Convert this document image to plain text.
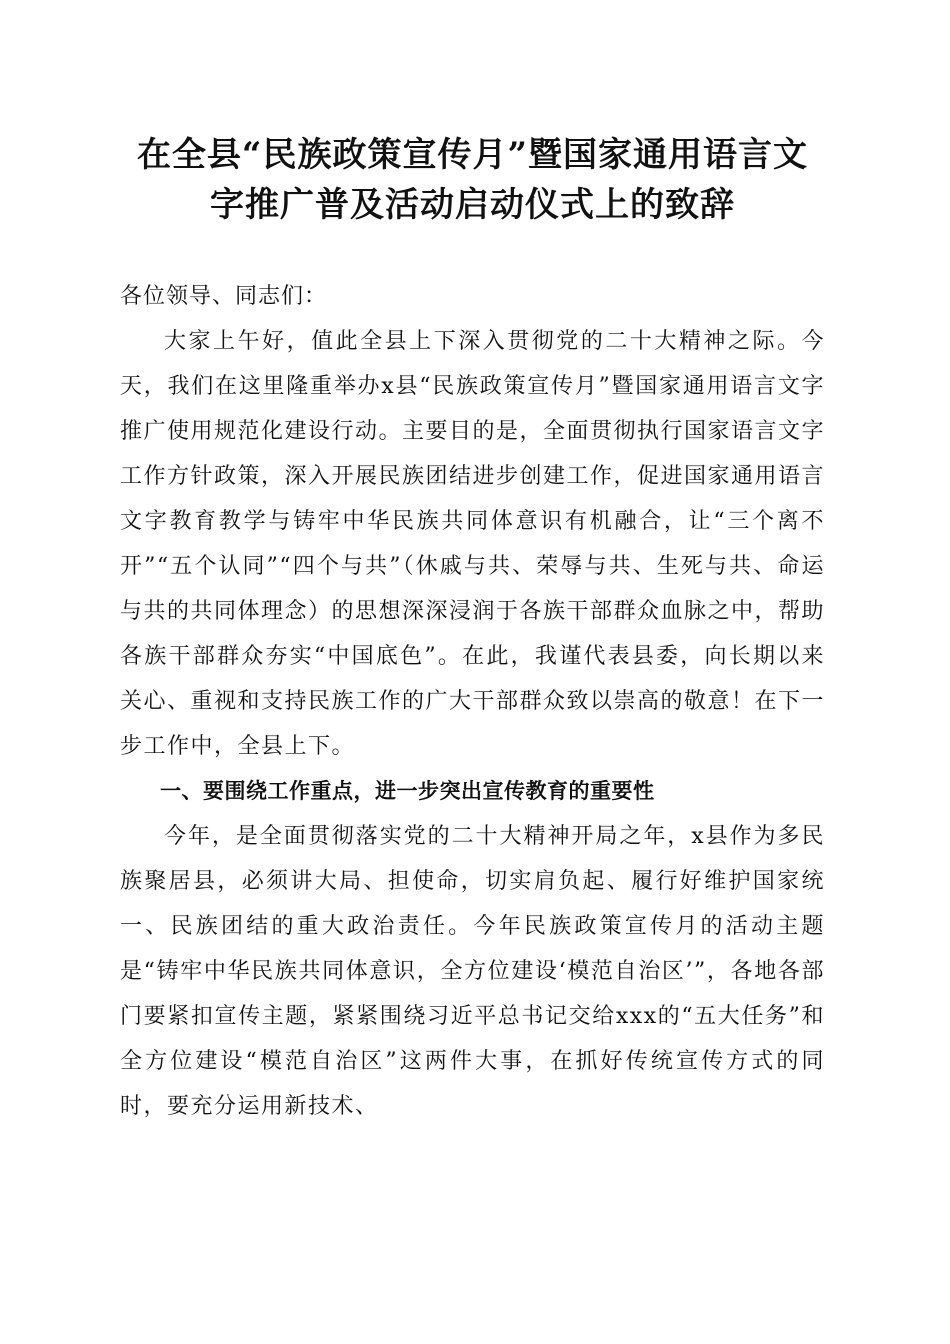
在全县“民族政策宣传月”暨国家通用语言文
字推广普及活动启动仪式上的致辞

各位领导、同志们：

大家上午好，值此全县上下深入贯彻党的二十大精神之际。今天，我们在这里隆重举办x县“民族政策宣传月”暨国家通用语言文字推广使用规范化建设行动。主要目的是，全面贯彻执行国家语言文字工作方针政策，深入开展民族团结进步创建工作，促进国家通用语言文字教育教学与铸牢中华民族共同体意识有机融合，让“三个离不开”“五个认同”“四个与共”（休戚与共、荣辱与共、生死与共、命运与共的共同体理念）的思想深深浸润于各族干部群众血脉之中，帮助各族干部群众夯实“中国底色”。在此，我谨代表县委，向长期以来关心、重视和支持民族工作的广大干部群众致以崇高的敬意！在下一步工作中，全县上下。

一、要围绕工作重点，进一步突出宣传教育的重要性

今年，是全面贯彻落实党的二十大精神开局之年，x县作为多民族聚居县，必须讲大局、担使命，切实肩负起、履行好维护国家统一、民族团结的重大政治责任。今年民族政策宣传月的活动主题是“铸牢中华民族共同体意识，全方位建设‘模范自治区’”，各地各部门要紧扣宣传主题，紧紧围绕习近平总书记交给xxx的“五大任务”和全方位建设“模范自治区”这两件大事，在抓好传统宣传方式的同时，要充分运用新技术、
